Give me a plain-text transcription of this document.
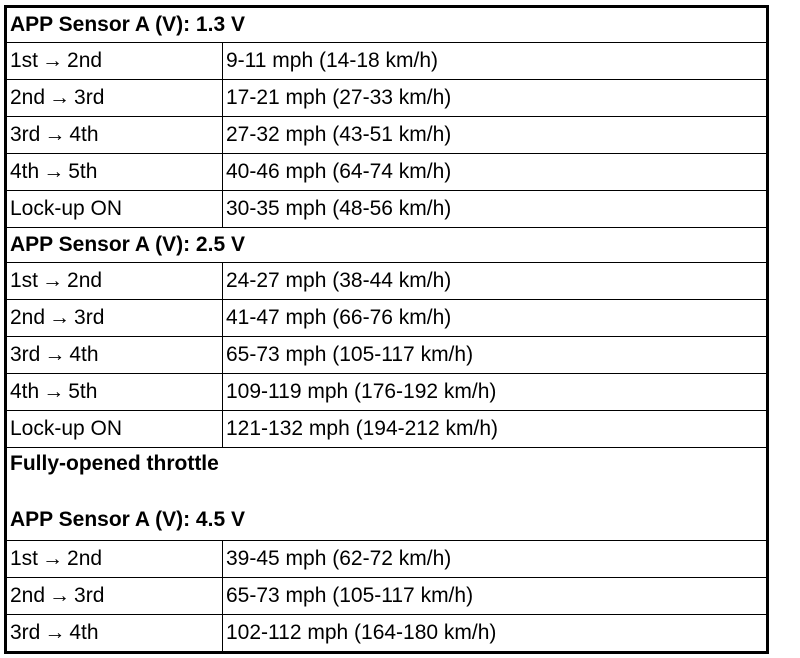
APP Sensor A (V): 1.3 V	
1st → 2nd	9-11 mph (14-18 km/h)
2nd → 3rd	17-21 mph (27-33 km/h)
3rd → 4th	27-32 mph (43-51 km/h)
4th → 5th	40-46 mph (64-74 km/h)
Lock-up ON	30-35 mph (48-56 km/h)
APP Sensor A (V): 2.5 V	
1st → 2nd	24-27 mph (38-44 km/h)
2nd → 3rd	41-47 mph (66-76 km/h)
3rd → 4th	65-73 mph (105-117 km/h)
4th → 5th	109-119 mph (176-192 km/h)
Lock-up ON	121-132 mph (194-212 km/h)
Fully-opened throttle
APP Sensor A (V): 4.5 V	
1st → 2nd	39-45 mph (62-72 km/h)
2nd → 3rd	65-73 mph (105-117 km/h)
3rd → 4th	102-112 mph (164-180 km/h)
